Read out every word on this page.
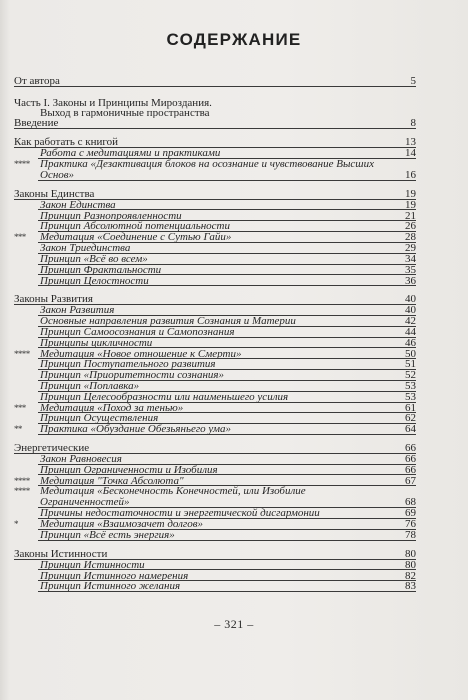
СОДЕРЖАНИЕ
От автора	5
Часть I. Законы и Принципы Мироздания.
Выход в гармоничные пространства
Введение	8
Как работать с книгой	13
Работа с медитациями и практиками	14
**** Практика «Дезактивация блоков на осознание и чувствование Высших Основ»	16
Законы Единства	19
Закон Единства	19
Принцип Разнопроявленности	21
Принцип Абсолютной потенциальности	26
*** Медитация «Соединение с Сутью Гайи»	28
Закон Триединства	29
Принцип «Всё во всем»	34
Принцип Фрактальности	35
Принцип Целостности	36
Законы Развития	40
Закон Развития	40
Основные направления развития Сознания и Материи	42
Принцип Самоосознания и Самопознания	44
Принципы цикличности	46
**** Медитация «Новое отношение к Смерти»	50
Принцип Поступательного развития	51
Принцип «Приоритетности сознания»	52
Принцип «Поплавка»	53
Принцип Целесообразности или наименьшего усилия	53
*** Медитация «Поход за тенью»	61
Принцип Осуществления	62
** Практика «Обуздание Обезьяньего ума»	64
Энергетические	66
Закон Равновесия	66
Принцип Ограниченности и Изобилия	66
**** Медитация "Точка Абсолюта"	67
**** Медитация «Бесконечность Конечностей, или Изобилие Ограниченностей»	68
Причины недостаточности и энергетической дисгармонии	69
* Медитация «Взаимозачет долгов»	76
Принцип «Всё есть энергия»	78
Законы Истинности	80
Принцип Истинности	80
Принцип Истинного намерения	82
Принцип Истинного желания	83
– 321 –
